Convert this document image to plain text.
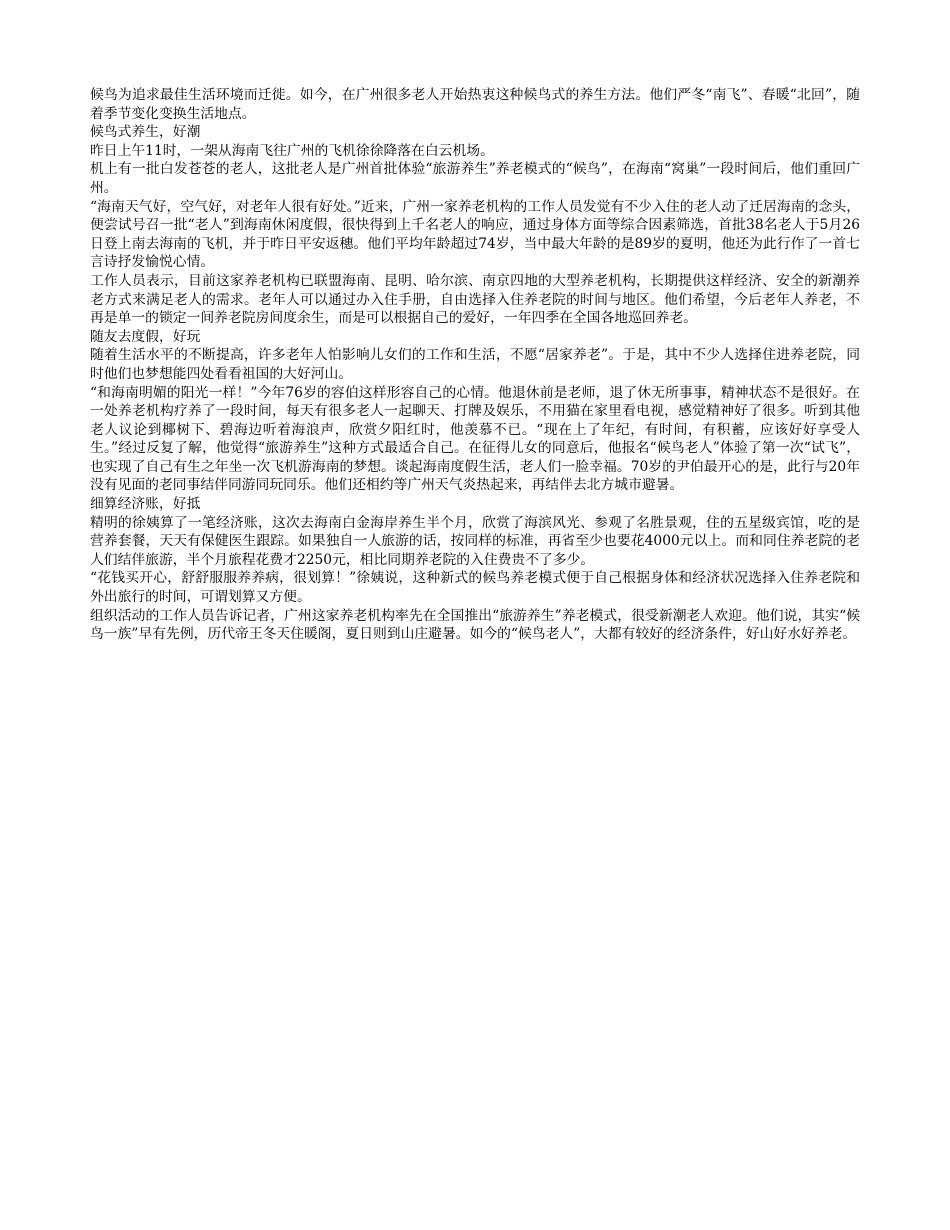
候鸟为追求最佳生活环境而迁徙。如今，在广州很多老人开始热衷这种候鸟式的养生方法。他们严冬“南飞”、春暖“北回”，随着季节变化变换生活地点。

候鸟式养生，好潮

昨日上午11时，一架从海南飞往广州的飞机徐徐降落在白云机场。

机上有一批白发苍苍的老人，这批老人是广州首批体验“旅游养生”养老模式的“候鸟”，在海南“窝巢”一段时间后，他们重回广州。

“海南天气好，空气好，对老年人很有好处。”近来，广州一家养老机构的工作人员发觉有不少入住的老人动了迁居海南的念头，便尝试号召一批“老人”到海南休闲度假，很快得到上千名老人的响应，通过身体方面等综合因素筛选，首批38名老人于5月26日登上南去海南的飞机，并于昨日平安返穗。他们平均年龄超过74岁，当中最大年龄的是89岁的夏明，他还为此行作了一首七言诗抒发愉悦心情。

工作人员表示，目前这家养老机构已联盟海南、昆明、哈尔滨、南京四地的大型养老机构，长期提供这样经济、安全的新潮养老方式来满足老人的需求。老年人可以通过办入住手册，自由选择入住养老院的时间与地区。他们希望，今后老年人养老，不再是单一的锁定一间养老院房间度余生，而是可以根据自己的爱好，一年四季在全国各地巡回养老。

随友去度假，好玩

随着生活水平的不断提高，许多老年人怕影响儿女们的工作和生活，不愿“居家养老”。于是，其中不少人选择住进养老院，同时他们也梦想能四处看看祖国的大好河山。

“和海南明媚的阳光一样！”今年76岁的容伯这样形容自己的心情。他退休前是老师，退了休无所事事，精神状态不是很好。在一处养老机构疗养了一段时间，每天有很多老人一起聊天、打牌及娱乐，不用猫在家里看电视，感觉精神好了很多。听到其他老人议论到椰树下、碧海边听着海浪声，欣赏夕阳红时，他羡慕不已。“现在上了年纪，有时间，有积蓄，应该好好享受人生。”经过反复了解，他觉得“旅游养生”这种方式最适合自己。在征得儿女的同意后，他报名“候鸟老人”体验了第一次“试飞”，也实现了自己有生之年坐一次飞机游海南的梦想。谈起海南度假生活，老人们一脸幸福。70岁的尹伯最开心的是，此行与20年没有见面的老同事结伴同游同玩同乐。他们还相约等广州天气炎热起来，再结伴去北方城市避暑。

细算经济账，好抵

精明的徐姨算了一笔经济账，这次去海南白金海岸养生半个月，欣赏了海滨风光、参观了名胜景观，住的五星级宾馆，吃的是营养套餐，天天有保健医生跟踪。如果独自一人旅游的话，按同样的标准，再省至少也要花4000元以上。而和同住养老院的老人们结伴旅游，半个月旅程花费才2250元，相比同期养老院的入住费贵不了多少。

“花钱买开心，舒舒服服养养病，很划算！”徐姨说，这种新式的候鸟养老模式便于自己根据身体和经济状况选择入住养老院和外出旅行的时间，可谓划算又方便。

组织活动的工作人员告诉记者，广州这家养老机构率先在全国推出“旅游养生”养老模式，很受新潮老人欢迎。他们说，其实“候鸟一族”早有先例，历代帝王冬天住暖阁，夏日则到山庄避暑。如今的“候鸟老人”，大都有较好的经济条件，好山好水好养老。
